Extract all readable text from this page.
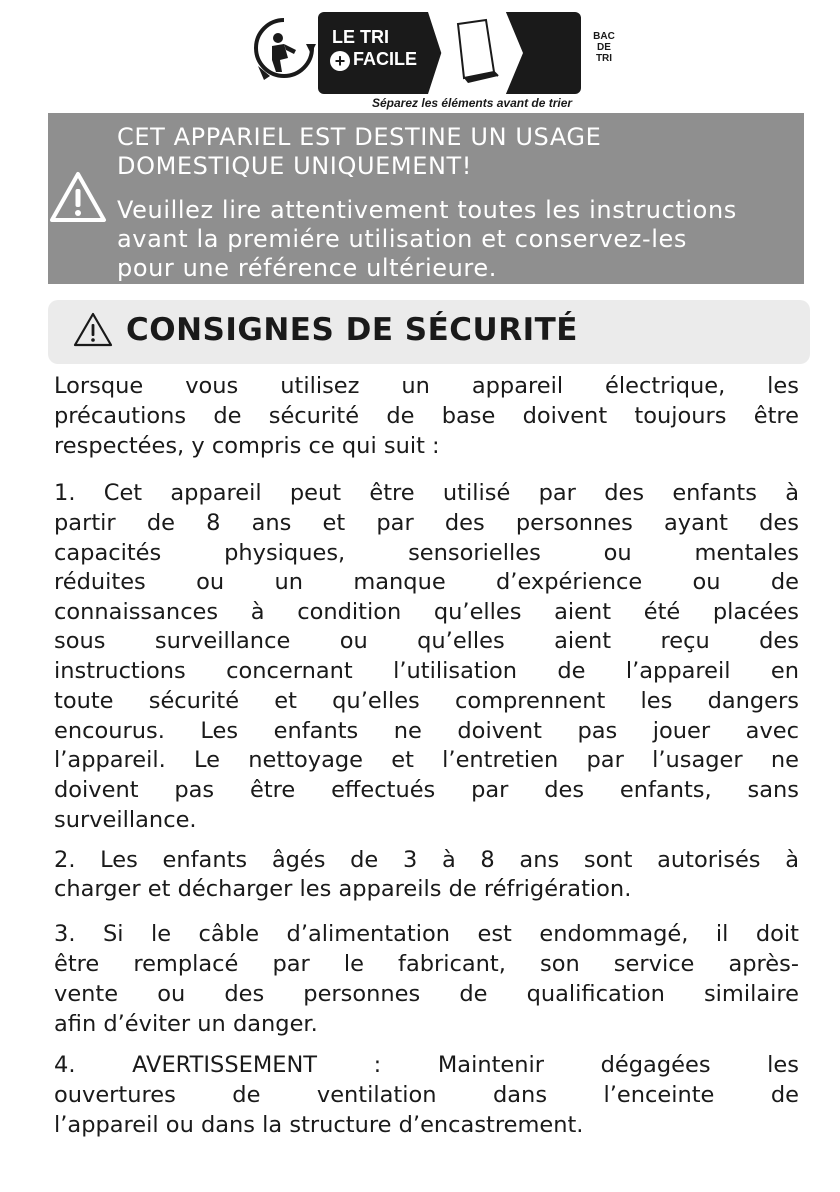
LE TRI
+ FACILE
BAC
DE
TRI
Séparez les éléments avant de trier
CET APPARIEL EST DESTINE UN USAGE
DOMESTIQUE UNIQUEMENT!
Veuillez lire attentivement toutes les instructions
avant la premiére utilisation et conservez-les
pour une référence ultérieure.
CONSIGNES DE SÉCURITÉ
Lorsque vous utilisez un appareil électrique, les
précautions de sécurité de base doivent toujours être
respectées, y compris ce qui suit :
1. Cet appareil peut être utilisé par des enfants à
partir de 8 ans et par des personnes ayant des
capacités physiques, sensorielles ou mentales
réduites ou un manque d’expérience ou de
connaissances à condition qu’elles aient été placées
sous surveillance ou qu’elles aient reçu des
instructions concernant l’utilisation de l’appareil en
toute sécurité et qu’elles comprennent les dangers
encourus. Les enfants ne doivent pas jouer avec
l’appareil. Le nettoyage et l’entretien par l’usager ne
doivent pas être effectués par des enfants, sans
surveillance.
2. Les enfants âgés de 3 à 8 ans sont autorisés à
charger et décharger les appareils de réfrigération.
3. Si le câble d’alimentation est endommagé, il doit
être remplacé par le fabricant, son service après-
vente ou des personnes de qualification similaire
afin d’éviter un danger.
4. AVERTISSEMENT : Maintenir dégagées les
ouvertures de ventilation dans l’enceinte de
l’appareil ou dans la structure d’encastrement.
